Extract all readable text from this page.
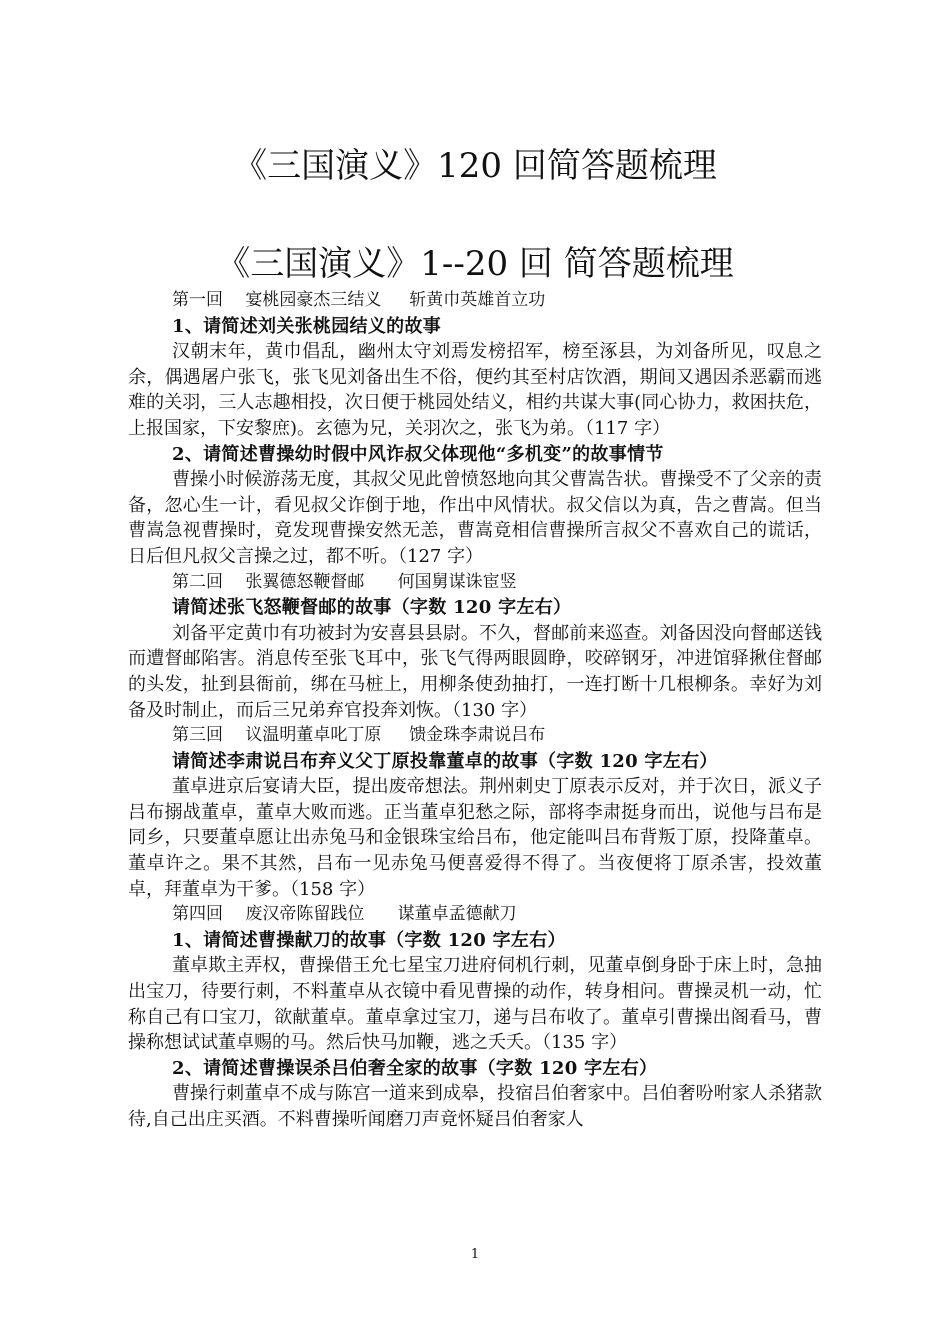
《三国演义》120 回简答题梳理
《三国演义》1--20 回 简答题梳理

第一回　 宴桃园豪杰三结义　  斩黄巾英雄首立功

1、请简述刘关张桃园结义的故事

汉朝末年，黄巾倡乱，幽州太守刘焉发榜招军，榜至涿县，为刘备所见，叹息之余，偶遇屠户张飞，张飞见刘备出生不俗，便约其至村店饮酒，期间又遇因杀恶霸而逃难的关羽，三人志趣相投，次日便于桃园处结义，相约共谋大事(同心协力，救困扶危，上报国家，下安黎庶)。玄德为兄，关羽次之，张飞为弟。（117 字）

2、请简述曹操幼时假中风诈叔父体现他“多机变”的故事情节

曹操小时候游荡无度，其叔父见此曾愤怒地向其父曹嵩告状。曹操受不了父亲的责备，忽心生一计，看见叔父诈倒于地，作出中风情状。叔父信以为真，告之曹嵩。但当曹嵩急视曹操时，竟发现曹操安然无恙，曹嵩竟相信曹操所言叔父不喜欢自己的谎话，日后但凡叔父言操之过，都不听。（127 字）

第二回　 张翼德怒鞭督邮　   何国舅谋诛宦竖

请简述张飞怒鞭督邮的故事（字数 120 字左右）

刘备平定黄巾有功被封为安喜县县尉。不久，督邮前来巡查。刘备因没向督邮送钱而遭督邮陷害。消息传至张飞耳中，张飞气得两眼圆睁，咬碎钢牙，冲进馆驿揪住督邮的头发，扯到县衙前，绑在马桩上，用柳条使劲抽打，一连打断十几根柳条。幸好为刘备及时制止，而后三兄弟弃官投奔刘恢。（130 字）

第三回　 议温明董卓叱丁原　  馈金珠李肃说吕布

请简述李肃说吕布弃义父丁原投靠董卓的故事（字数 120 字左右）

董卓进京后宴请大臣，提出废帝想法。荆州刺史丁原表示反对，并于次日，派义子吕布搦战董卓，董卓大败而逃。正当董卓犯愁之际，部将李肃挺身而出，说他与吕布是同乡，只要董卓愿让出赤兔马和金银珠宝给吕布，他定能叫吕布背叛丁原，投降董卓。董卓许之。果不其然，吕布一见赤兔马便喜爱得不得了。当夜便将丁原杀害，投效董卓，拜董卓为干爹。（158 字）

第四回　 废汉帝陈留践位　   谋董卓孟德献刀

1、请简述曹操献刀的故事（字数 120 字左右）

董卓欺主弄权，曹操借王允七星宝刀进府伺机行刺，见董卓倒身卧于床上时，急抽出宝刀，待要行刺，不料董卓从衣镜中看见曹操的动作，转身相问。曹操灵机一动，忙称自己有口宝刀，欲献董卓。董卓拿过宝刀，递与吕布收了。董卓引曹操出阁看马，曹操称想试试董卓赐的马。然后快马加鞭，逃之夭夭。（135 字）

2、请简述曹操误杀吕伯奢全家的故事（字数 120 字左右）

曹操行刺董卓不成与陈宫一道来到成皋，投宿吕伯奢家中。吕伯奢吩咐家人杀猪款待,自己出庄买酒。不料曹操听闻磨刀声竟怀疑吕伯奢家人

1
